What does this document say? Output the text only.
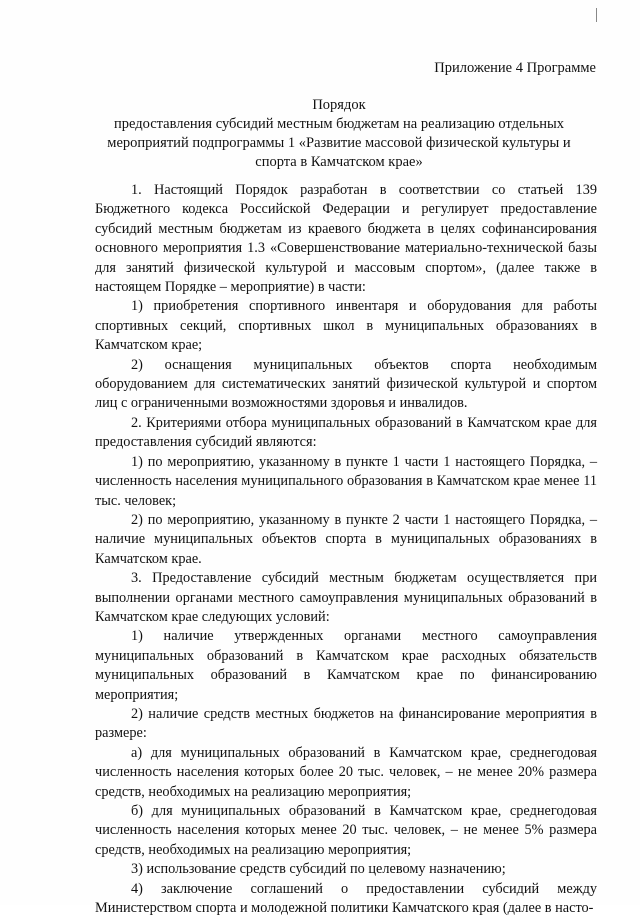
Приложение 4 Программе
Порядок
предоставления субсидий местным бюджетам на реализацию отдельных
мероприятий подпрограммы 1 «Развитие массовой физической культуры и
спорта в Камчатском крае»

1. Настоящий Порядок разработан в соответствии со статьей 139 Бюджетного кодекса Российской Федерации и регулирует предоставление субсидий местным бюджетам из краевого бюджета в целях софинансирования основного мероприятия 1.3 «Совершенствование материально-технической базы для занятий физической культурой и массовым спортом», (далее также в настоящем Порядке – мероприятие) в части:

1) приобретения спортивного инвентаря и оборудования для работы спортивных секций, спортивных школ в муниципальных образованиях в Камчатском крае;

2) оснащения муниципальных объектов спорта необходимым оборудованием для систематических занятий физической культурой и спортом лиц с ограниченными возможностями здоровья и инвалидов.

2. Критериями отбора муниципальных образований в Камчатском крае для предоставления субсидий являются:

1) по мероприятию, указанному в пункте 1 части 1 настоящего Порядка, – численность населения муниципального образования в Камчатском крае менее 11 тыс. человек;

2) по мероприятию, указанному в пункте 2 части 1 настоящего Порядка, – наличие муниципальных объектов спорта в муниципальных образованиях в Камчатском крае.

3. Предоставление субсидий местным бюджетам осуществляется при выполнении органами местного самоуправления муниципальных образований в Камчатском крае следующих условий:

1) наличие утвержденных органами местного самоуправления муниципальных образований в Камчатском крае расходных обязательств муниципальных образований в Камчатском крае по финансированию мероприятия;

2) наличие средств местных бюджетов на финансирование мероприятия в размере:

а) для муниципальных образований в Камчатском крае, среднегодовая численность населения которых более 20 тыс. человек, – не менее 20% размера средств, необходимых на реализацию мероприятия;

б) для муниципальных образований в Камчатском крае, среднегодовая численность населения которых менее 20 тыс. человек, – не менее 5% размера средств, необходимых на реализацию мероприятия;

3) использование средств субсидий по целевому назначению;

4) заключение соглашений о предоставлении субсидий между Министерством спорта и молодежной политики Камчатского края (далее в насто-
